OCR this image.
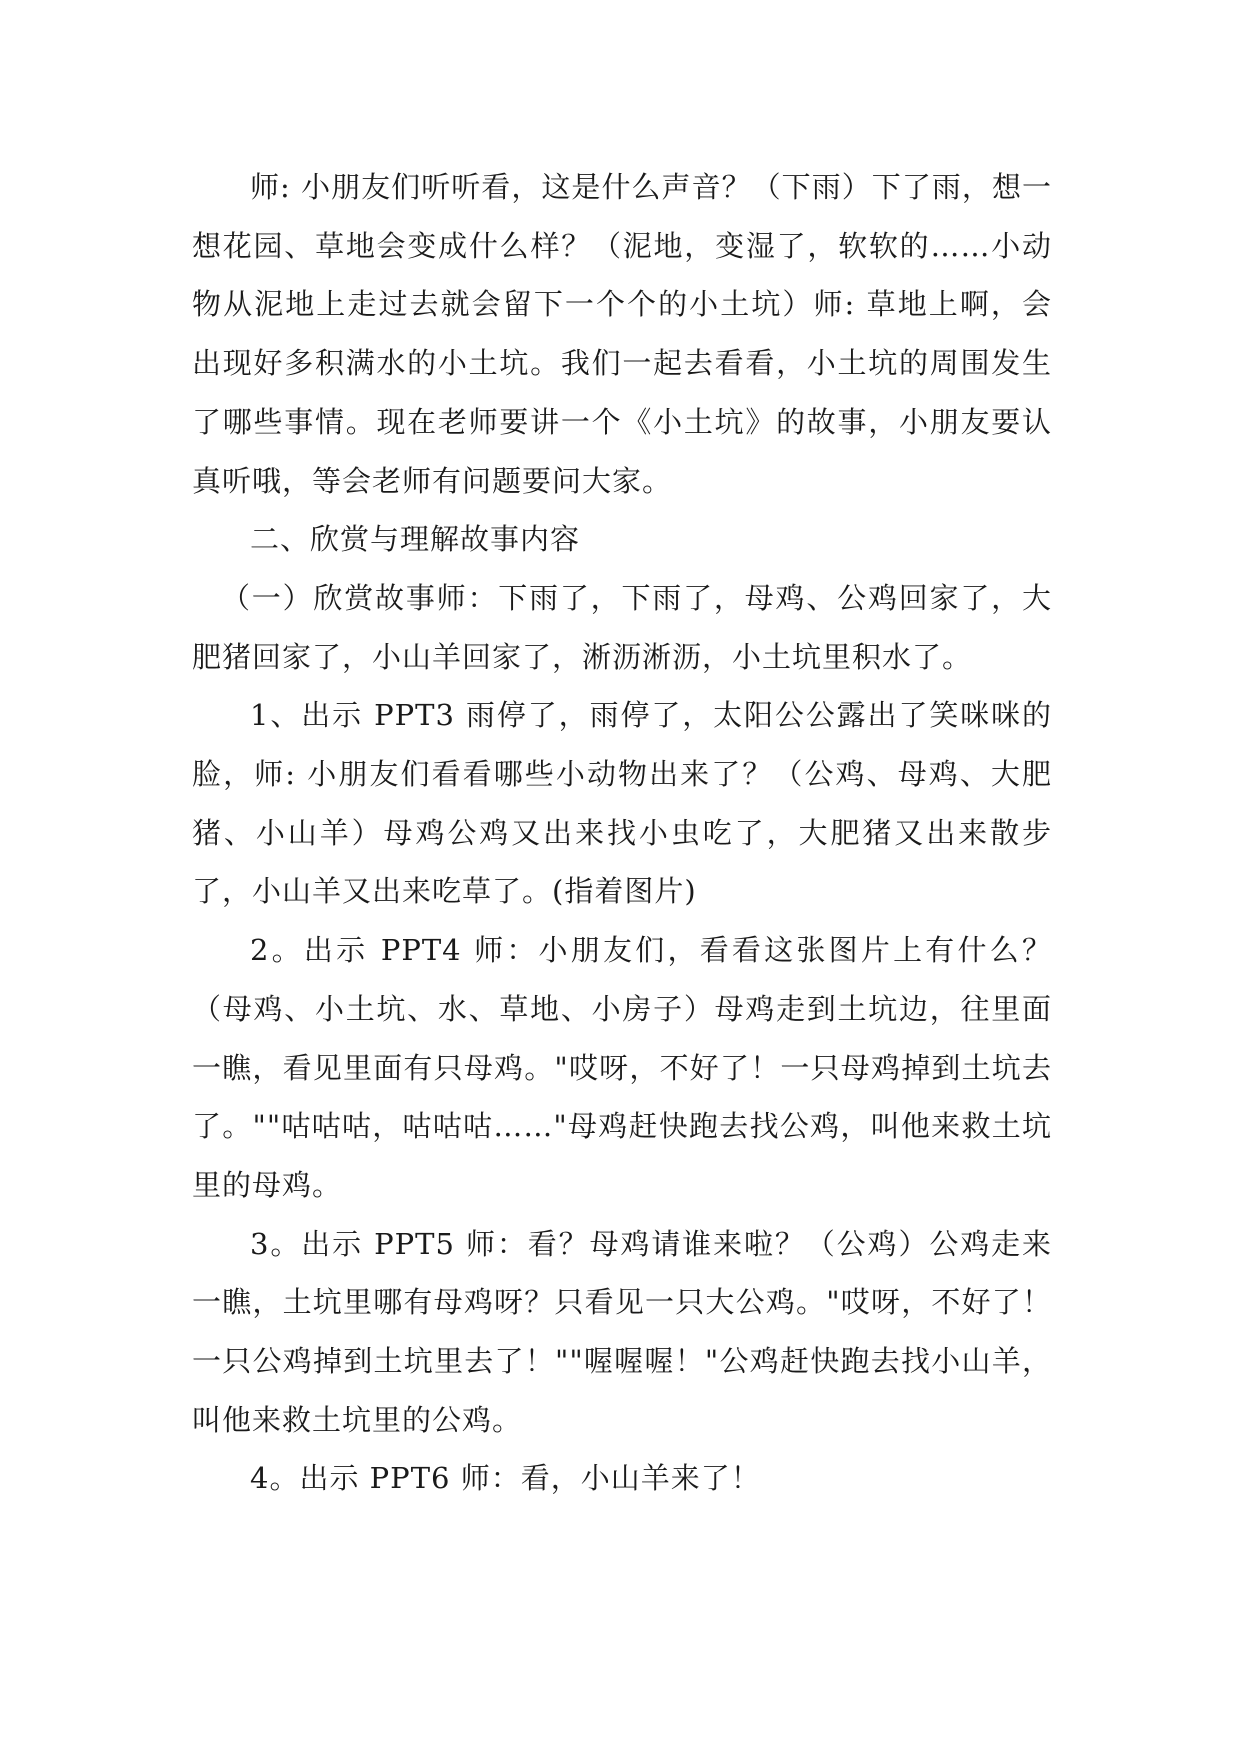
师: 小朋友们听听看，这是什么声音？（下雨）下了雨，想一想花园、草地会变成什么样？（泥地，变湿了，软软的……小动物从泥地上走过去就会留下一个个的小土坑）师: 草地上啊，会出现好多积满水的小土坑。我们一起去看看，小土坑的周围发生了哪些事情。现在老师要讲一个《小土坑》的故事，小朋友要认真听哦，等会老师有问题要问大家。

二、欣赏与理解故事内容

（一）欣赏故事师：下雨了，下雨了，母鸡、公鸡回家了，大肥猪回家了，小山羊回家了，淅沥淅沥，小土坑里积水了。

1、出示 PPT3 雨停了，雨停了，太阳公公露出了笑咪咪的脸，师: 小朋友们看看哪些小动物出来了？（公鸡、母鸡、大肥猪、小山羊）母鸡公鸡又出来找小虫吃了，大肥猪又出来散步了，小山羊又出来吃草了。(指着图片)

2。出示 PPT4 师：小朋友们，看看这张图片上有什么？（母鸡、小土坑、水、草地、小房子）母鸡走到土坑边，往里面一瞧，看见里面有只母鸡。"哎呀，不好了！一只母鸡掉到土坑去了。""咕咕咕，咕咕咕……"母鸡赶快跑去找公鸡，叫他来救土坑里的母鸡。

3。出示 PPT5 师：看？母鸡请谁来啦？（公鸡）公鸡走来一瞧，土坑里哪有母鸡呀？只看见一只大公鸡。"哎呀，不好了！一只公鸡掉到土坑里去了！""喔喔喔！"公鸡赶快跑去找小山羊，叫他来救土坑里的公鸡。

4。出示 PPT6 师：看，小山羊来了！
